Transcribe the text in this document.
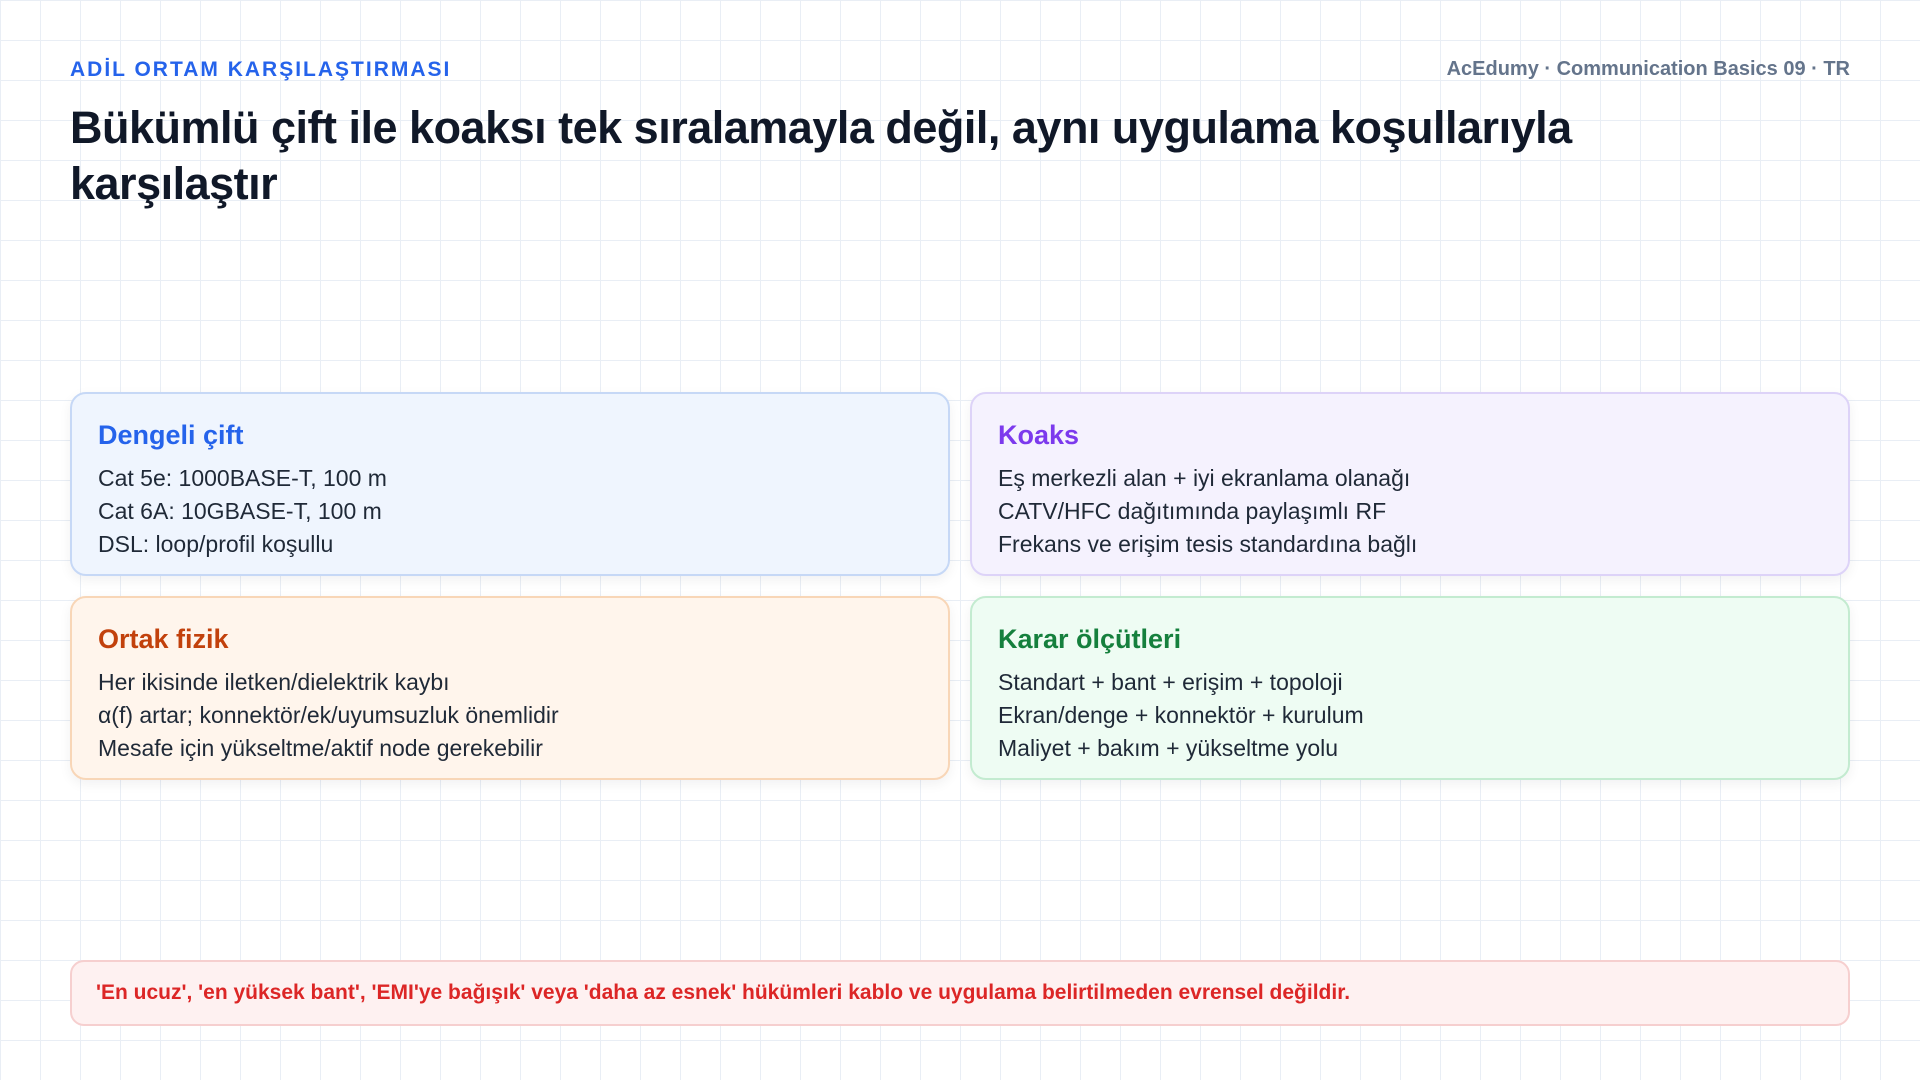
ADİL ORTAM KARŞILAŞTIRMASI	AcEdumy · Communication Basics 09 · TR
Bükümlü çift ile koaksı tek sıralamayla değil, aynı uygulama koşullarıyla karşılaştır
Dengeli çift
Cat 5e: 1000BASE-T, 100 m
Cat 6A: 10GBASE-T, 100 m
DSL: loop/profil koşullu
Koaks
Eş merkezli alan + iyi ekranlama olanağı
CATV/HFC dağıtımında paylaşımlı RF
Frekans ve erişim tesis standardına bağlı
Ortak fizik
Her ikisinde iletken/dielektrik kaybı
α(f) artar; konnektör/ek/uyumsuzluk önemlidir
Mesafe için yükseltme/aktif node gerekebilir
Karar ölçütleri
Standart + bant + erişim + topoloji
Ekran/denge + konnektör + kurulum
Maliyet + bakım + yükseltme yolu
'En ucuz', 'en yüksek bant', 'EMI'ye bağışık' veya 'daha az esnek' hükümleri kablo ve uygulama belirtilmeden evrensel değildir.
